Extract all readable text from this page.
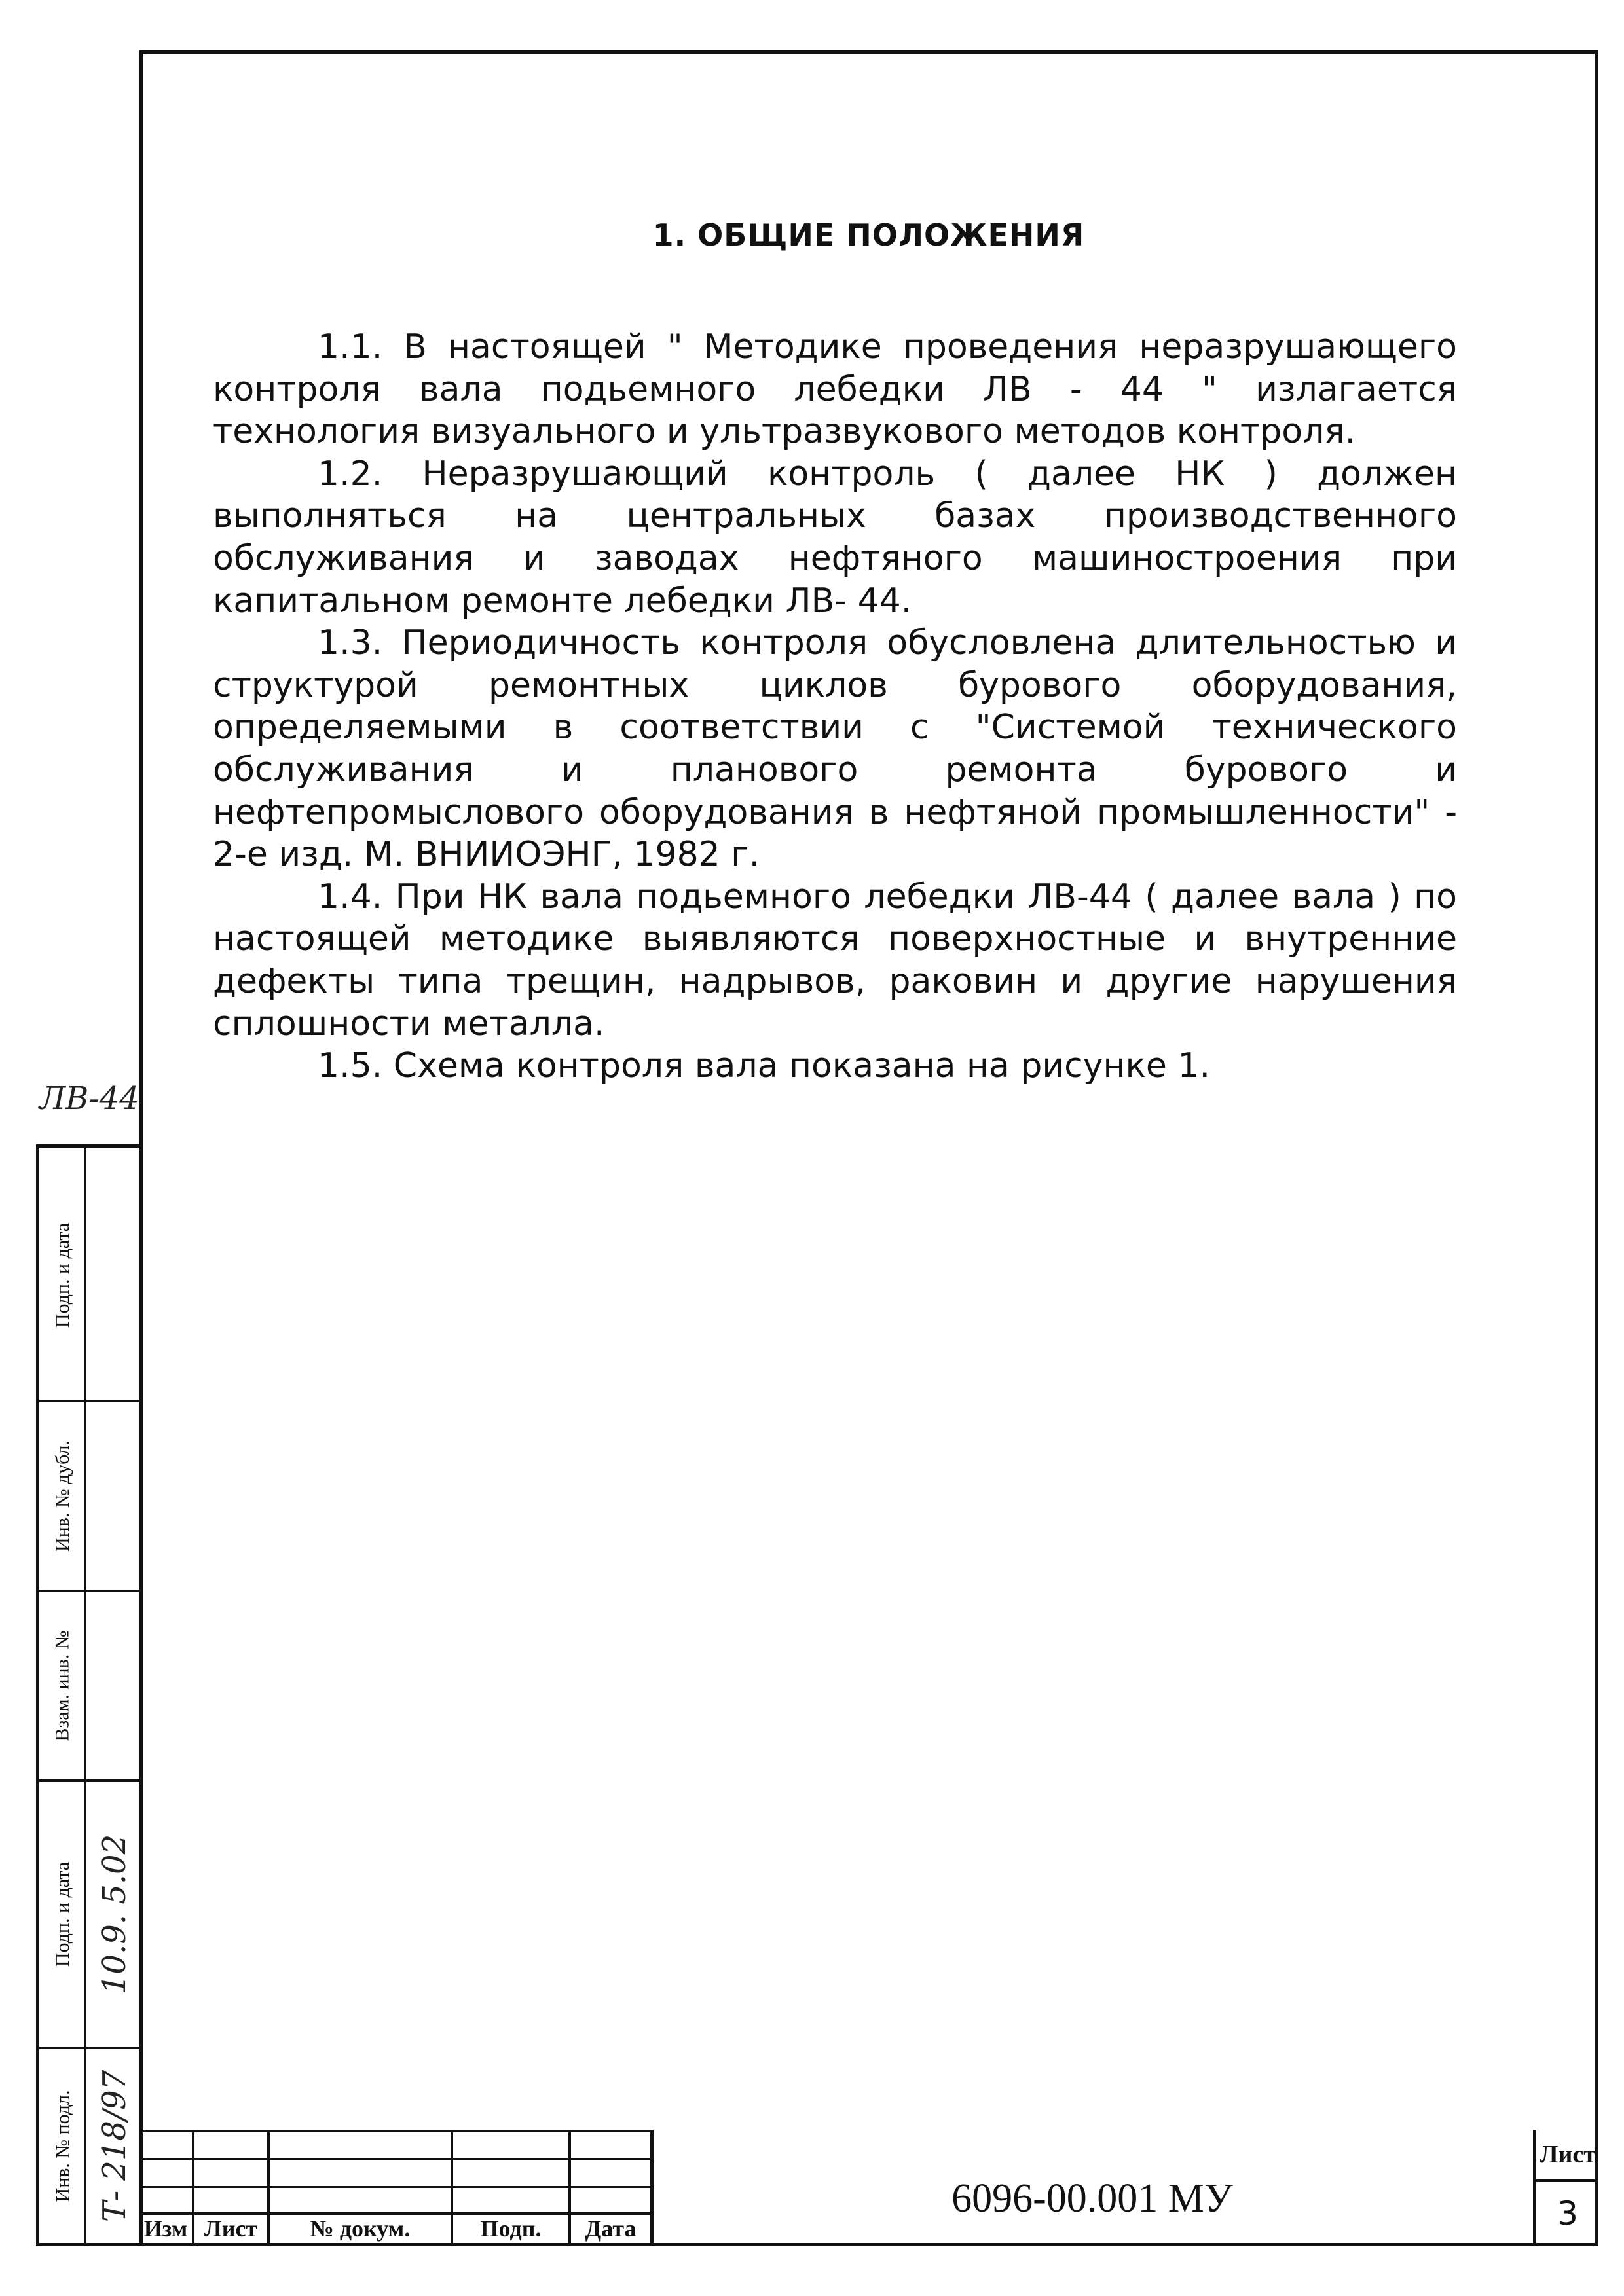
1. ОБЩИЕ ПОЛОЖЕНИЯ

1.1. В настоящей " Методике проведения неразрушающего контроля вала подьемного лебедки ЛВ - 44 " излагается технология визуального и ультразвукового методов контроля.

1.2. Неразрушающий контроль ( далее НК ) должен выполняться на центральных базах производственного обслуживания и заводах нефтяного машиностроения при капитальном ремонте лебедки ЛВ- 44.

1.3. Периодичность контроля обусловлена длительностью и структурой ремонтных циклов бурового оборудования, определяемыми в соответствии с "Системой технического обслуживания и планового ремонта бурового и нефтепромыслового оборудования в нефтяной промышленности" - 2-е изд. М. ВНИИОЭНГ, 1982 г.

1.4. При НК вала подьемного лебедки ЛВ-44 ( далее вала ) по настоящей методике выявляются поверхностные и внутренние дефекты типа трещин, надрывов, раковин и другие нарушения сплошности металла.

1.5. Схема контроля вала показана на рисунке 1.

ЛВ-44
Подп. и дата
Инв. № дубл.
Взам. инв. №
Подп. и дата
Инв. № подл.
10.9. 5.02
Т- 218/97
Изм Лист	№ докум.	Подп.	Дата
6096-00.001 МУ
Лист
3
